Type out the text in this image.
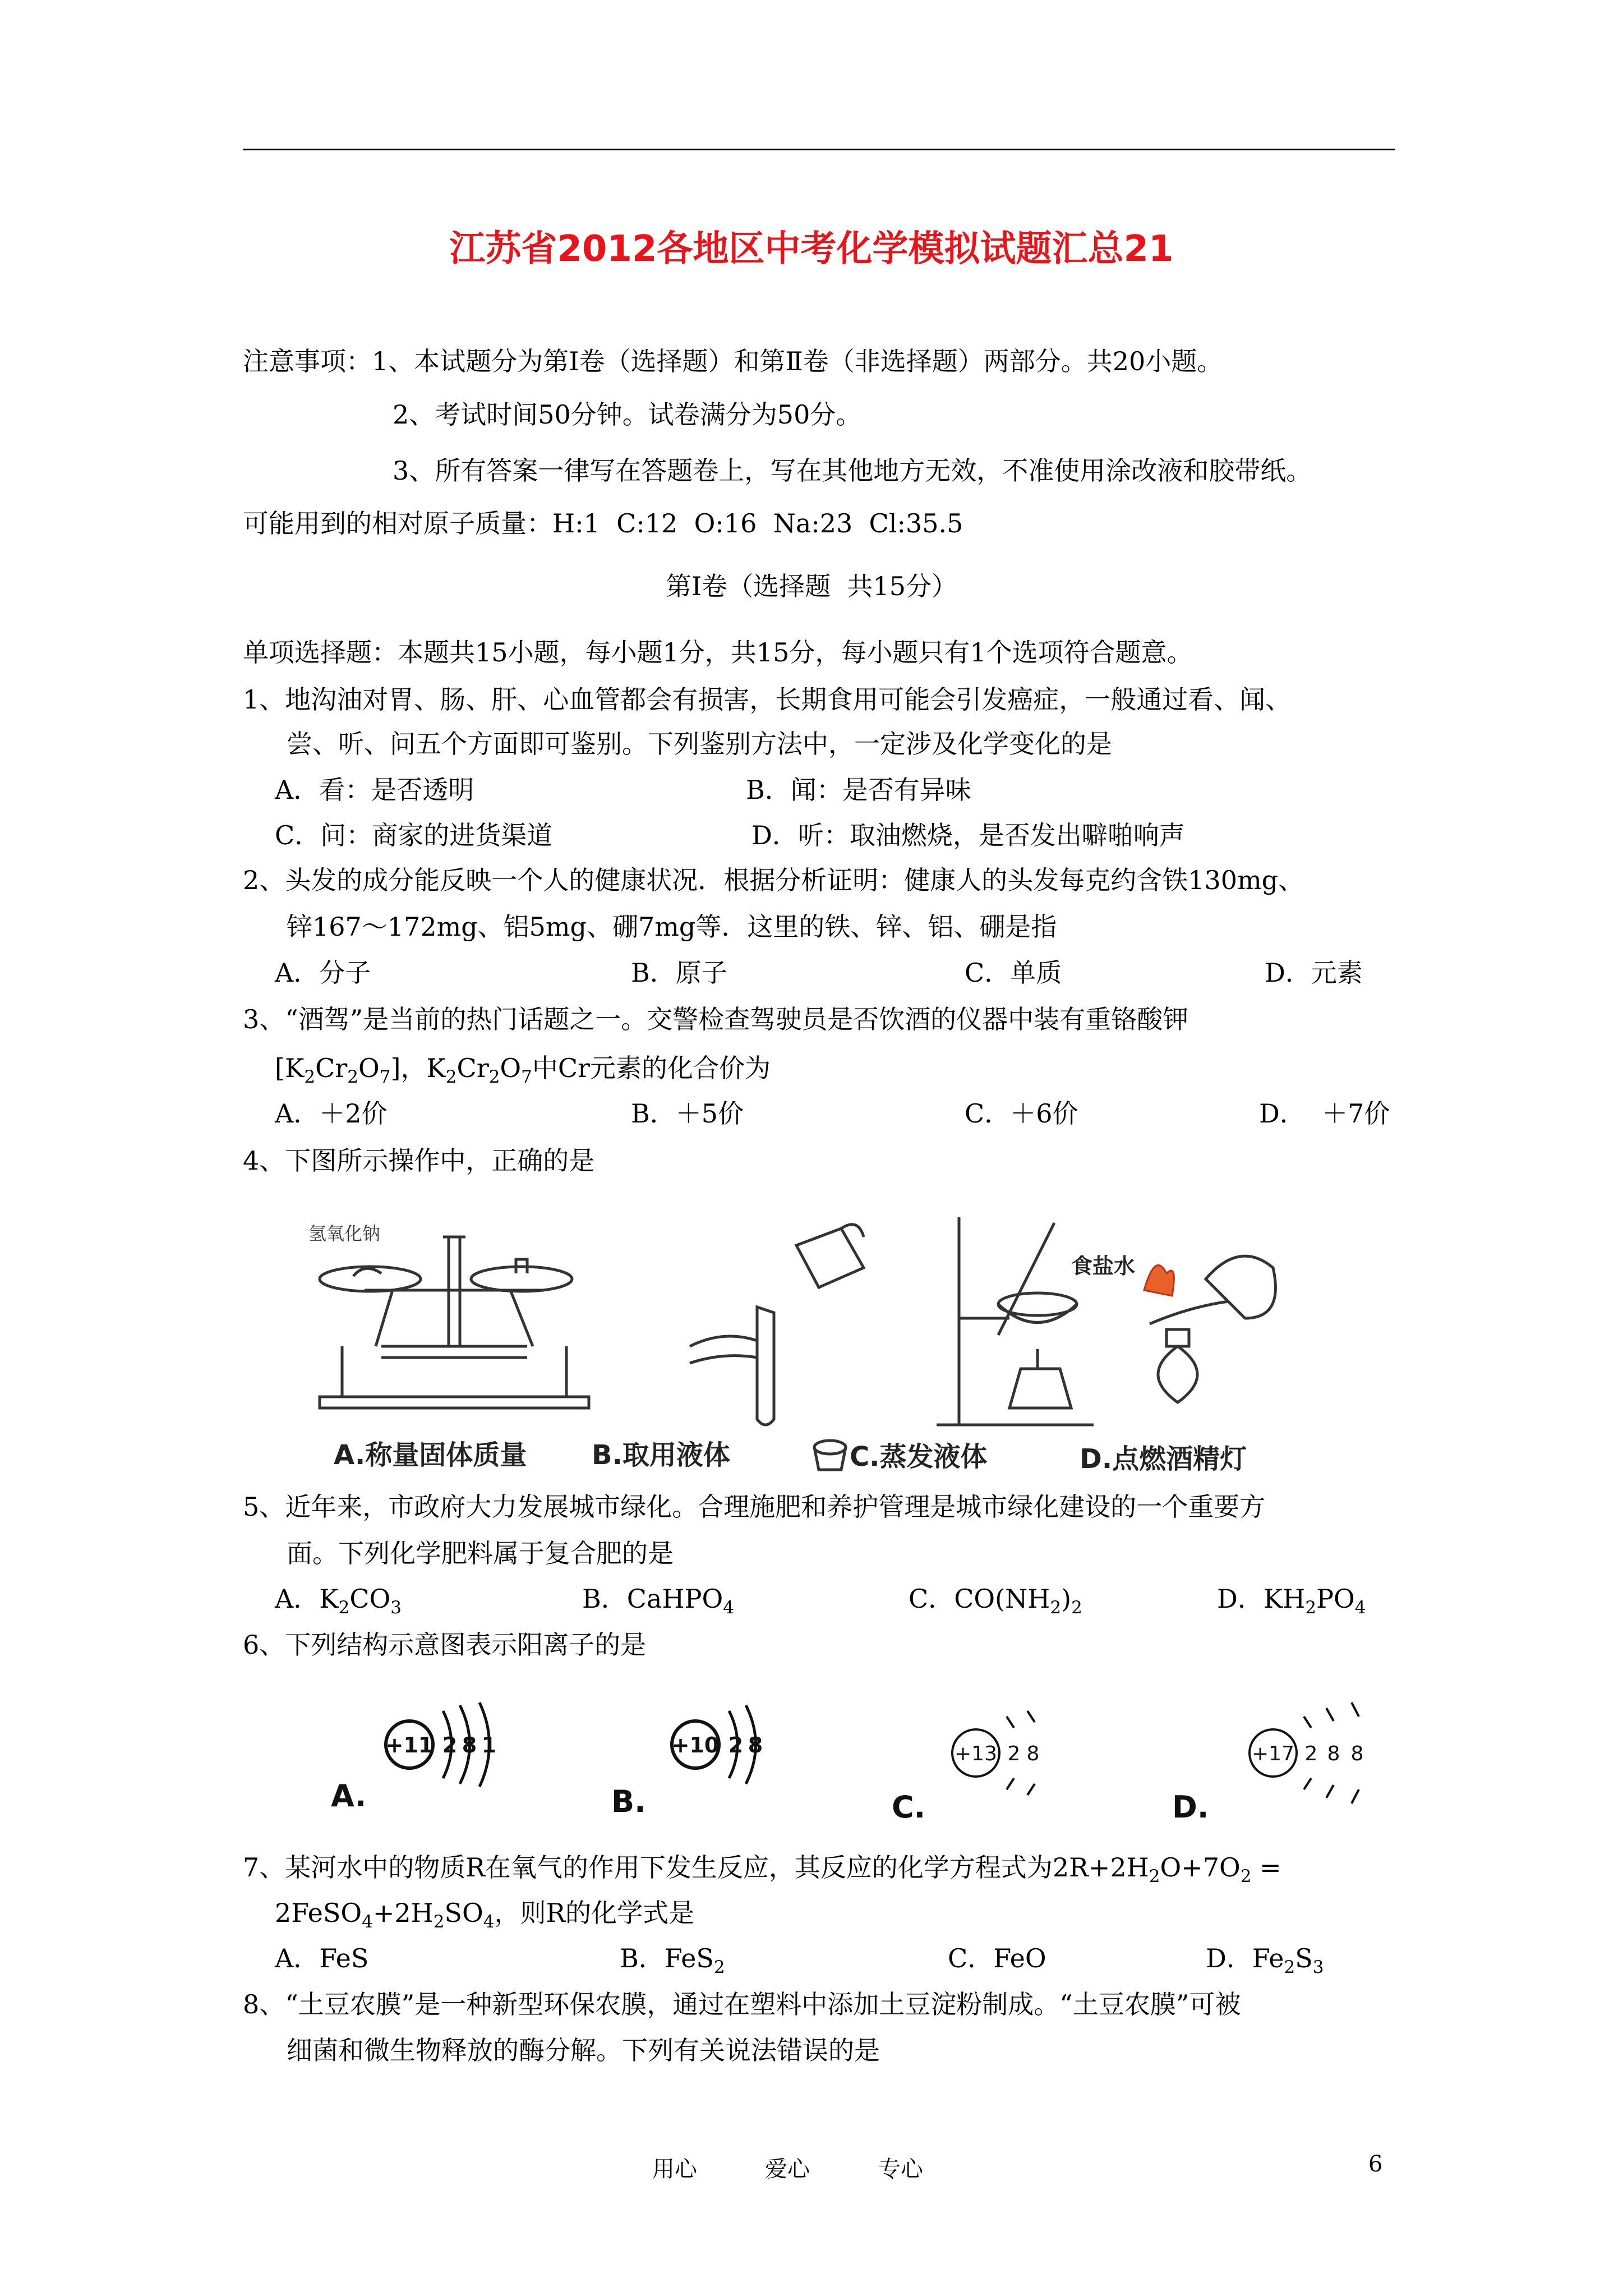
江苏省2012各地区中考化学模拟试题汇总21
注意事项：1、本试题分为第Ⅰ卷（选择题）和第Ⅱ卷（非选择题）两部分。共20小题。
2、考试时间50分钟。试卷满分为50分。
3、所有答案一律写在答题卷上，写在其他地方无效，不准使用涂改液和胶带纸。
可能用到的相对原子质量：H:1  C:12  O:16  Na:23  Cl:35.5
第Ⅰ卷（选择题  共15分）
单项选择题：本题共15小题，每小题1分，共15分，每小题只有1个选项符合题意。
1、地沟油对胃、肠、肝、心血管都会有损害，长期食用可能会引发癌症，一般通过看、闻、
尝、听、问五个方面即可鉴别。下列鉴别方法中，一定涉及化学变化的是
A．看：是否透明	B．闻：是否有异味
C．问：商家的进货渠道	D．听：取油燃烧，是否发出噼啪响声
2、头发的成分能反映一个人的健康状况．根据分析证明：健康人的头发每克约含铁130mg、
锌167～172mg、铝5mg、硼7mg等．这里的铁、锌、铝、硼是指
A．分子	B．原子	C．单质	D．元素
3、“酒驾”是当前的热门话题之一。交警检查驾驶员是否饮酒的仪器中装有重铬酸钾
$[K_2Cr_2O_7]$，$K_2Cr_2O_7$中Cr元素的化合价为
A．＋2价	B．＋5价	C．＋6价	D．  ＋7价
4、下图所示操作中，正确的是
氢氧化钠
食盐水
A.称量固体质量 B.取用液体	C.蒸发液体	D.点燃酒精灯
5、近年来，市政府大力发展城市绿化。合理施肥和养护管理是城市绿化建设的一个重要方
面。下列化学肥料属于复合肥的是
A．$K_2CO_3$	B．CaHPO$_4$	C．$CO(NH_2)_2$	D．$KH_2PO_4$
6、下列结构示意图表示阳离子的是
+11 2 8 1
A.
+10 2 8
B.
+13 2 8
C.
+17 2 8 8
D.
7、某河水中的物质R在氧气的作用下发生反应，其反应的化学方程式为$2R+2H_2O+7O_2$ =
$2FeSO_4+2H_2SO_4$，则R的化学式是
A．FeS	B．FeS$_2$	C．FeO	D．$Fe_2S_3$
8、“土豆农膜”是一种新型环保农膜，通过在塑料中添加土豆淀粉制成。“土豆农膜”可被
细菌和微生物释放的酶分解。下列有关说法错误的是
用心	爱心	专心	6
